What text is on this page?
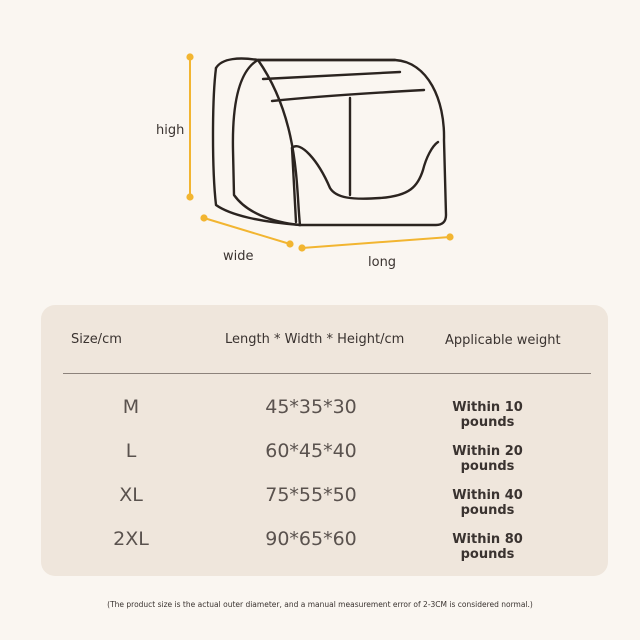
high
wide	long
Size/cm	Length * Width * Height/cm	Applicable weight
M	45*35*30	Within 10 pounds
L	60*45*40	Within 20 pounds
XL	75*55*50	Within 40 pounds
2XL	90*65*60	Within 80 pounds
(The product size is the actual outer diameter, and a manual measurement error of 2-3CM is considered normal.)
